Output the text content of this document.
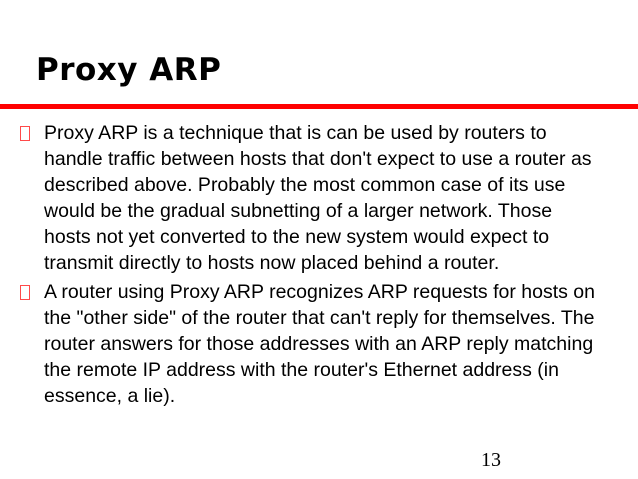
Proxy ARP
Proxy ARP is a technique that is can be used by routers to handle traffic between hosts that don't expect to use a router as described above. Probably the most common case of its use would be the gradual subnetting of a larger network. Those hosts not yet converted to the new system would expect to transmit directly to hosts now placed behind a router.
A router using Proxy ARP recognizes ARP requests for hosts on the "other side" of the router that can't reply for themselves. The router answers for those addresses with an ARP reply matching the remote IP address with the router's Ethernet address (in essence, a lie).
13
